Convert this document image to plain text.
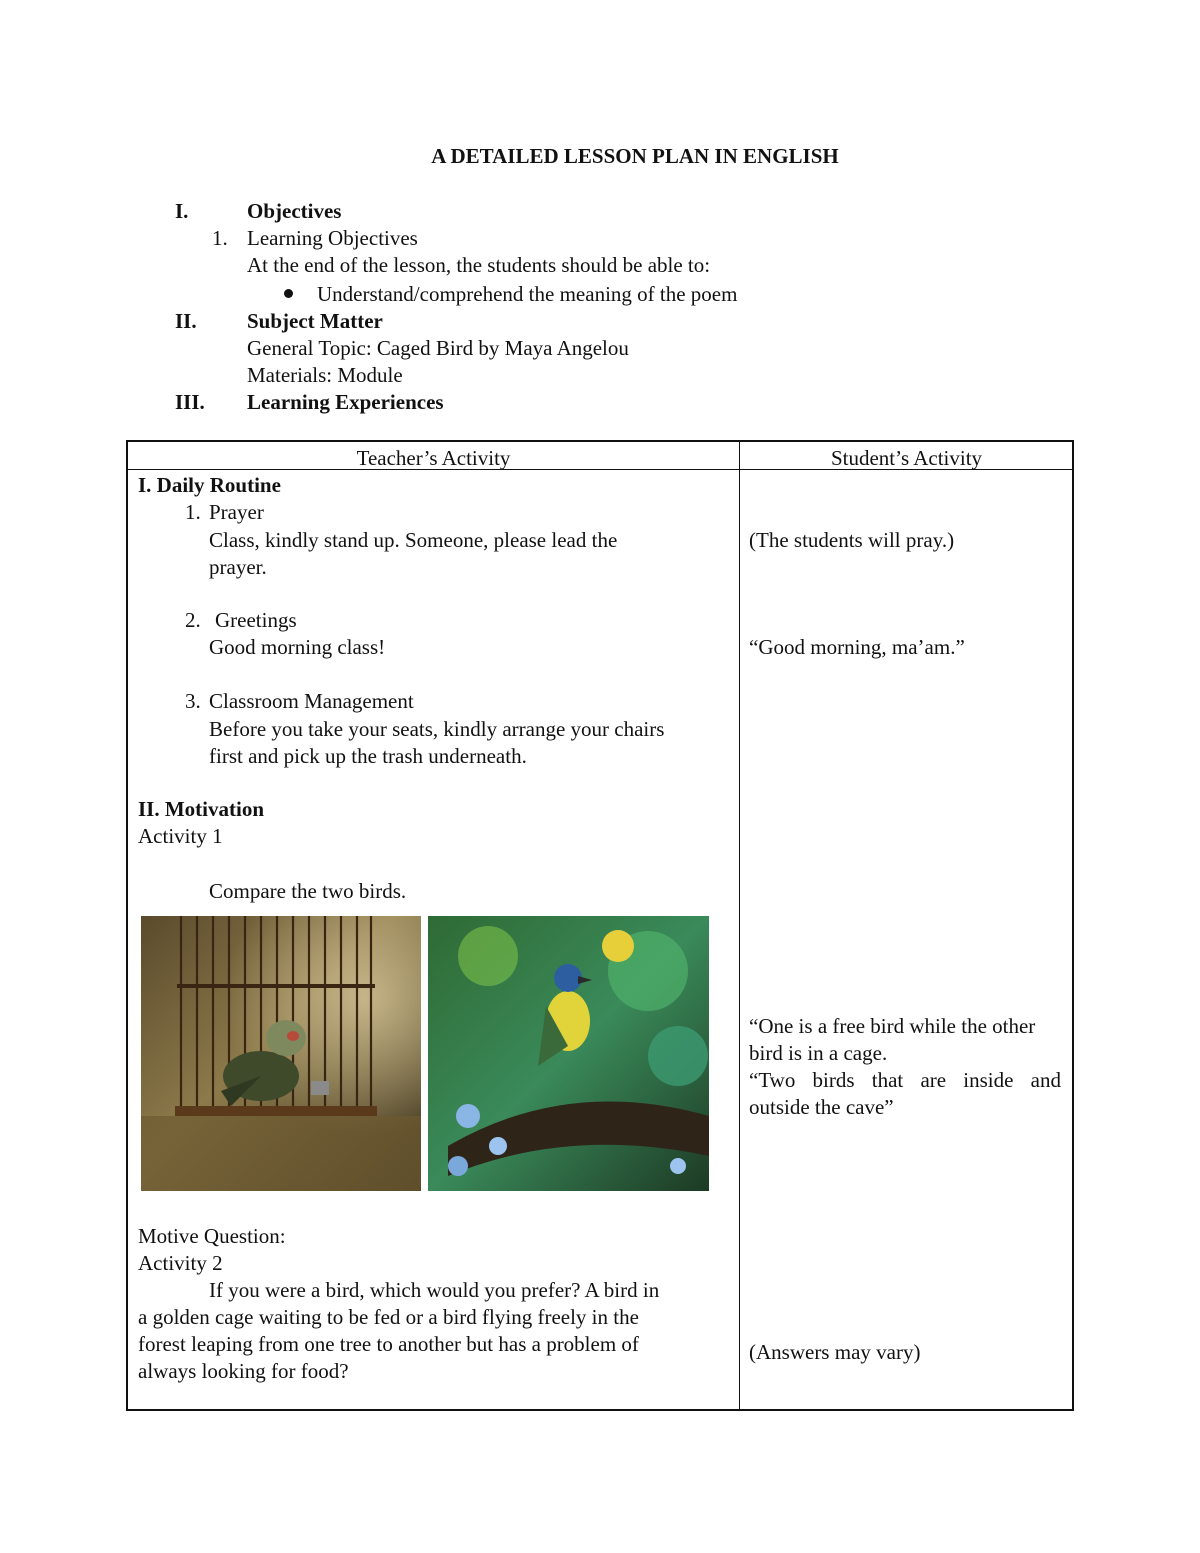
A DETAILED LESSON PLAN IN ENGLISH
I.	Objectives
1. Learning Objectives
At the end of the lesson, the students should be able to:
Understand/comprehend the meaning of the poem
II. Subject Matter
General Topic: Caged Bird by Maya Angelou
Materials: Module
III. Learning Experiences
Teacher’s Activity	Student’s Activity
I. Daily Routine
1. Prayer
Class, kindly stand up. Someone, please lead the
prayer.
2. Greetings
Good morning class!
3. Classroom Management
Before you take your seats, kindly arrange your chairs
first and pick up the trash underneath.
II. Motivation
Activity 1
Compare the two birds.
Motive Question:
Activity 2
If you were a bird, which would you prefer? A bird in
a golden cage waiting to be fed or a bird flying freely in the
forest leaping from one tree to another but has a problem of
always looking for food?
(The students will pray.)
“Good morning, ma’am.”
“One is a free bird while the other
bird is in a cage.
“Two birds that are inside and
outside the cave”
(Answers may vary)
